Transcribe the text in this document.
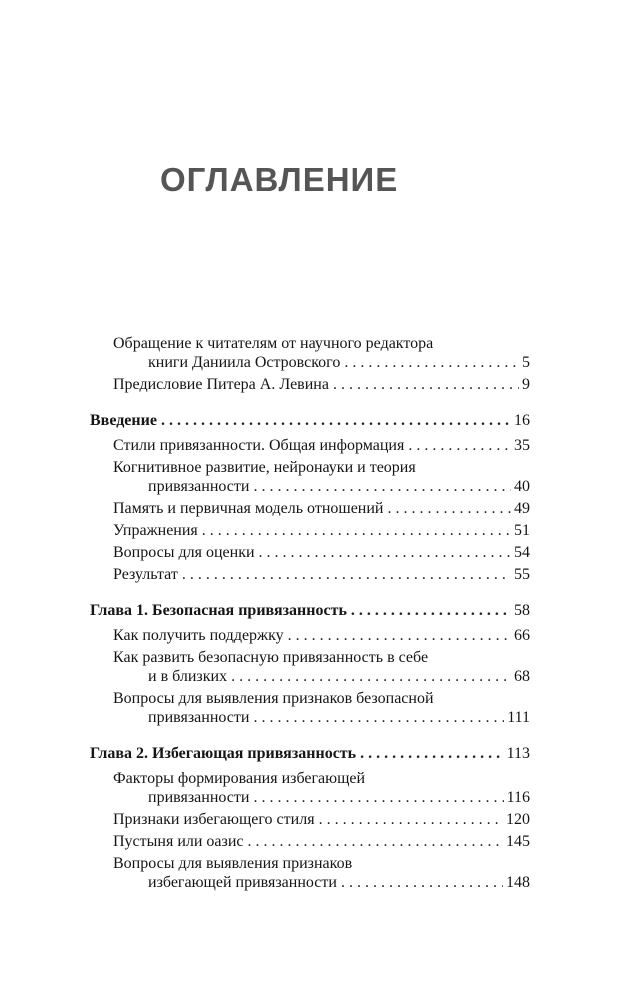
ОГЛАВЛЕНИЕ
Обращение к читателям от научного редактора
книги Даниила Островского . . .	5
Предисловие Питера А. Левина . . .	9
Введение . . .	16
Стили привязанности. Общая информация . . .	35
Когнитивное развитие, нейронауки и теория
привязанности . . .	40
Память и первичная модель отношений . . .	49
Упражнения . . .	51
Вопросы для оценки . . .	54
Результат . . .	55
Глава 1. Безопасная привязанность . . .	58
Как получить поддержку . . .	66
Как развить безопасную привязанность в себе
и в близких . . .	68
Вопросы для выявления признаков безопасной
привязанности . . .	111
Глава 2. Избегающая привязанность . . .	113
Факторы формирования избегающей
привязанности . . .	116
Признаки избегающего стиля . . .	120
Пустыня или оазис . . .	145
Вопросы для выявления признаков
избегающей привязанности . . .	148
